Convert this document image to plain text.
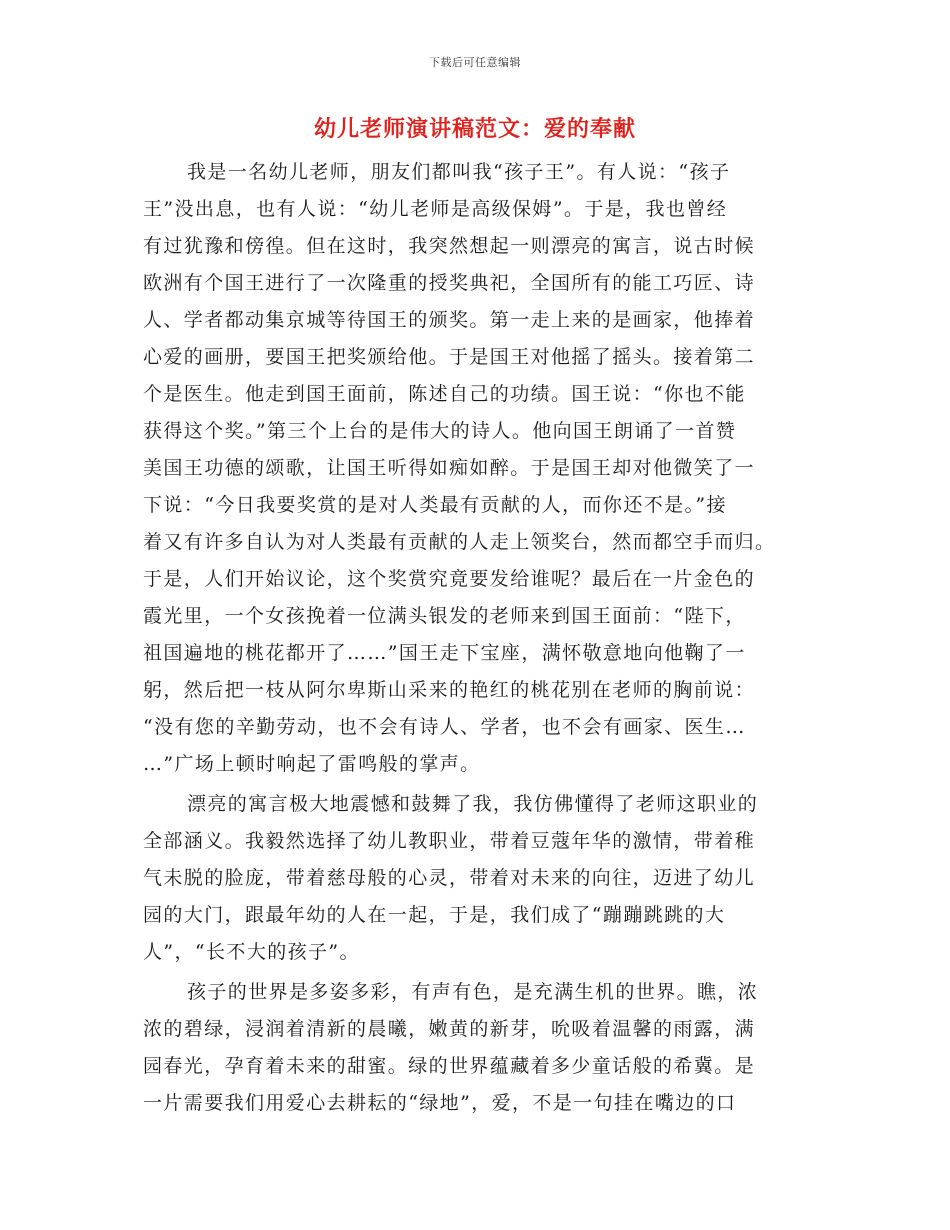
下载后可任意编辑
幼儿老师演讲稿范文：爱的奉献
我是一名幼儿老师，朋友们都叫我“孩子王”。有人说：“孩子
王”没出息，也有人说：“幼儿老师是高级保姆”。于是，我也曾经
有过犹豫和傍徨。但在这时，我突然想起一则漂亮的寓言，说古时候
欧洲有个国王进行了一次隆重的授奖典祀，全国所有的能工巧匠、诗
人、学者都动集京城等待国王的颁奖。第一走上来的是画家，他捧着
心爱的画册，要国王把奖颁给他。于是国王对他摇了摇头。接着第二
个是医生。他走到国王面前，陈述自己的功绩。国王说：“你也不能
获得这个奖。”第三个上台的是伟大的诗人。他向国王朗诵了一首赞
美国王功德的颂歌，让国王听得如痴如醉。于是国王却对他微笑了一
下说：“今日我要奖赏的是对人类最有贡献的人，而你还不是。”接
着又有许多自认为对人类最有贡献的人走上领奖台，然而都空手而归。
于是，人们开始议论，这个奖赏究竟要发给谁呢？最后在一片金色的
霞光里，一个女孩挽着一位满头银发的老师来到国王面前：“陛下，
祖国遍地的桃花都开了……”国王走下宝座，满怀敬意地向他鞠了一
躬，然后把一枝从阿尔卑斯山采来的艳红的桃花别在老师的胸前说：
“没有您的辛勤劳动，也不会有诗人、学者，也不会有画家、医生…
…”广场上顿时响起了雷鸣般的掌声。
漂亮的寓言极大地震憾和鼓舞了我，我仿佛懂得了老师这职业的
全部涵义。我毅然选择了幼儿教职业，带着豆蔻年华的激情，带着稚
气未脱的脸庞，带着慈母般的心灵，带着对未来的向往，迈进了幼儿
园的大门，跟最年幼的人在一起，于是，我们成了“蹦蹦跳跳的大
人”，“长不大的孩子”。
孩子的世界是多姿多彩，有声有色，是充满生机的世界。瞧，浓
浓的碧绿，浸润着清新的晨曦，嫩黄的新芽，吮吸着温馨的雨露，满
园春光，孕育着未来的甜蜜。绿的世界蕴藏着多少童话般的希冀。是
一片需要我们用爱心去耕耘的“绿地”，爱，不是一句挂在嘴边的口
